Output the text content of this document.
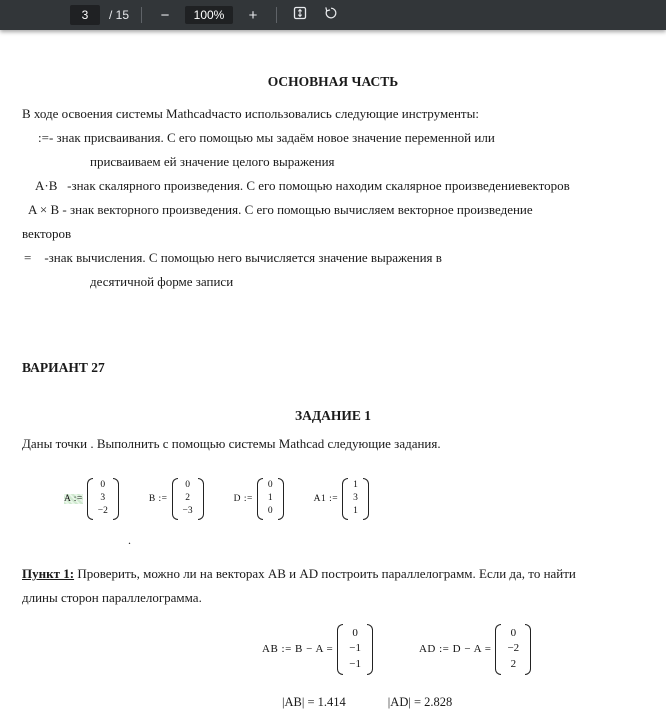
3
/ 15	−	100%	+
ОСНОВНАЯ ЧАСТЬ
В ходе освоения системы Mathcadчасто использовались следующие инструменты:
:=- знак присваивания. С его помощью мы задаём новое значение переменной или
присваиваем ей значение целого выражения
A·B   -знак скалярного произведения. С его помощью находим скалярное произведениевекторов
A × B - знак векторного произведения. С его помощью вычисляем векторное произведение
векторов
=    -знак вычисления. С помощью него вычисляется значение выражения в
десятичной форме записи
ВАРИАНТ 27
ЗАДАНИЕ 1
Даны точки . Выполнить с помощью системы Mathcad следующие задания.
A :=
0
3
−2
B :=
0
2
−3
D :=
0
1
0
A1 :=
1
3
1
.
Пункт 1: Проверить, можно ли на векторах AB и AD построить параллелограмм. Если да, то найти
длины сторон параллелограмма.
AB := B − A =
0
−1
−1
AD := D − A =
0
−2
2
|AB| = 1.414	|AD| = 2.828
